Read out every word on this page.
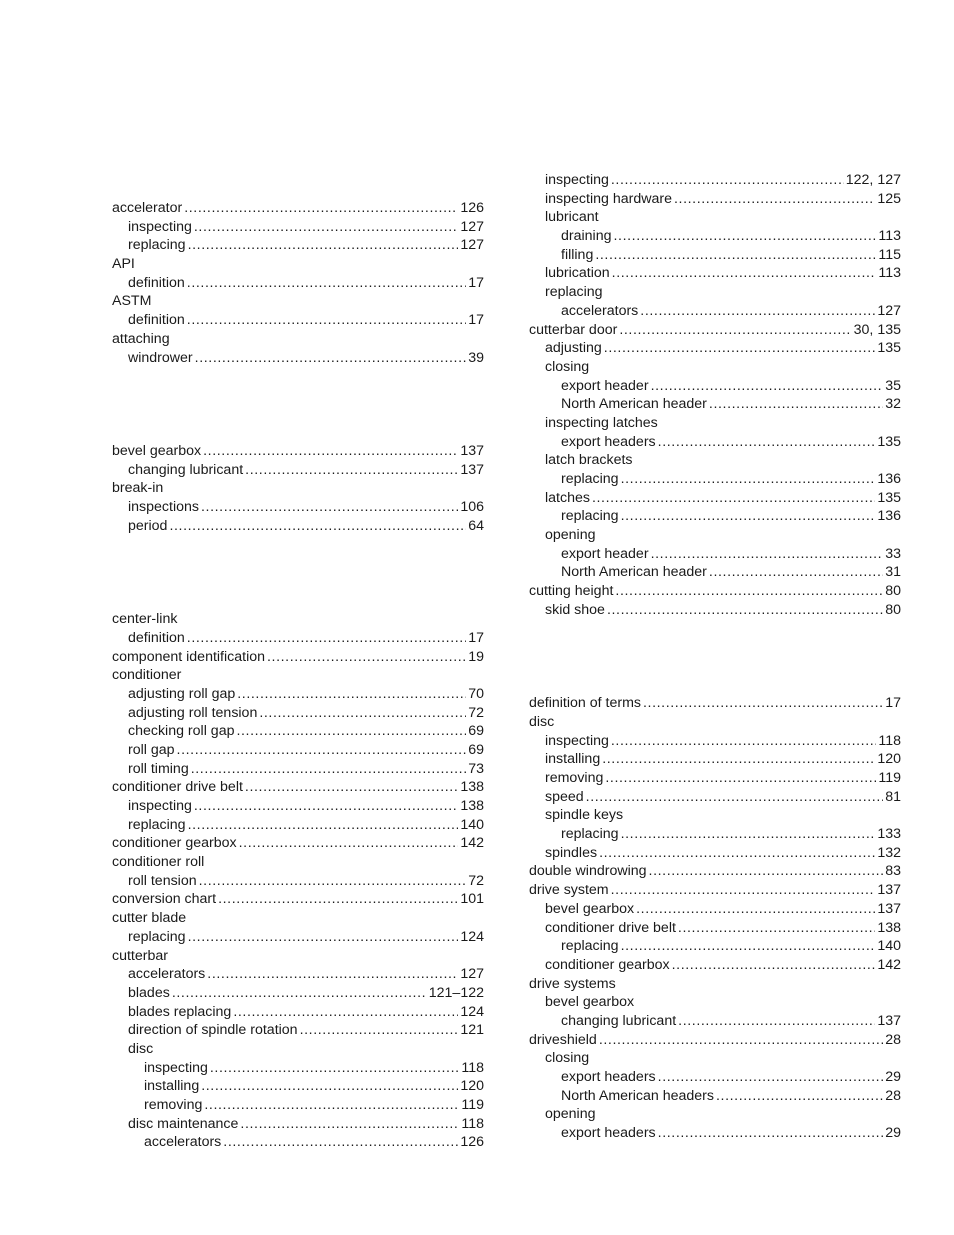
accelerator .....	126
inspecting .....	127
replacing .....	127
API
definition .....	17
ASTM
definition .....	17
attaching
windrower .....	39
bevel gearbox .....	137
changing lubricant .....	137
break-in
inspections .....	106
period .....	64
center-link
definition .....	17
component identification .....	19
conditioner
adjusting roll gap .....	70
adjusting roll tension .....	72
checking roll gap .....	69
roll gap .....	69
roll timing .....	73
conditioner drive belt .....	138
inspecting .....	138
replacing .....	140
conditioner gearbox .....	142
conditioner roll
roll tension .....	72
conversion chart .....	101
cutter blade
replacing .....	124
cutterbar
accelerators .....	127
blades .....	121–122
blades replacing .....	124
direction of spindle rotation .....	121
disc
inspecting .....	118
installing .....	120
removing .....	119
disc maintenance .....	118
accelerators .....	126
inspecting .....	122, 127
inspecting hardware .....	125
lubricant
draining .....	113
filling .....	115
lubrication .....	113
replacing
accelerators .....	127
cutterbar door .....	30, 135
adjusting .....	135
closing
export header .....	35
North American header .....	32
inspecting latches
export headers .....	135
latch brackets
replacing .....	136
latches .....	135
replacing .....	136
opening
export header .....	33
North American header .....	31
cutting height .....	80
skid shoe .....	80
definition of terms .....	17
disc
inspecting .....	118
installing .....	120
removing .....	119
speed .....	81
spindle keys
replacing .....	133
spindles .....	132
double windrowing .....	83
drive system .....	137
bevel gearbox .....	137
conditioner drive belt .....	138
replacing .....	140
conditioner gearbox .....	142
drive systems
bevel gearbox
changing lubricant .....	137
driveshield .....	28
closing
export headers .....	29
North American headers .....	28
opening
export headers .....	29
